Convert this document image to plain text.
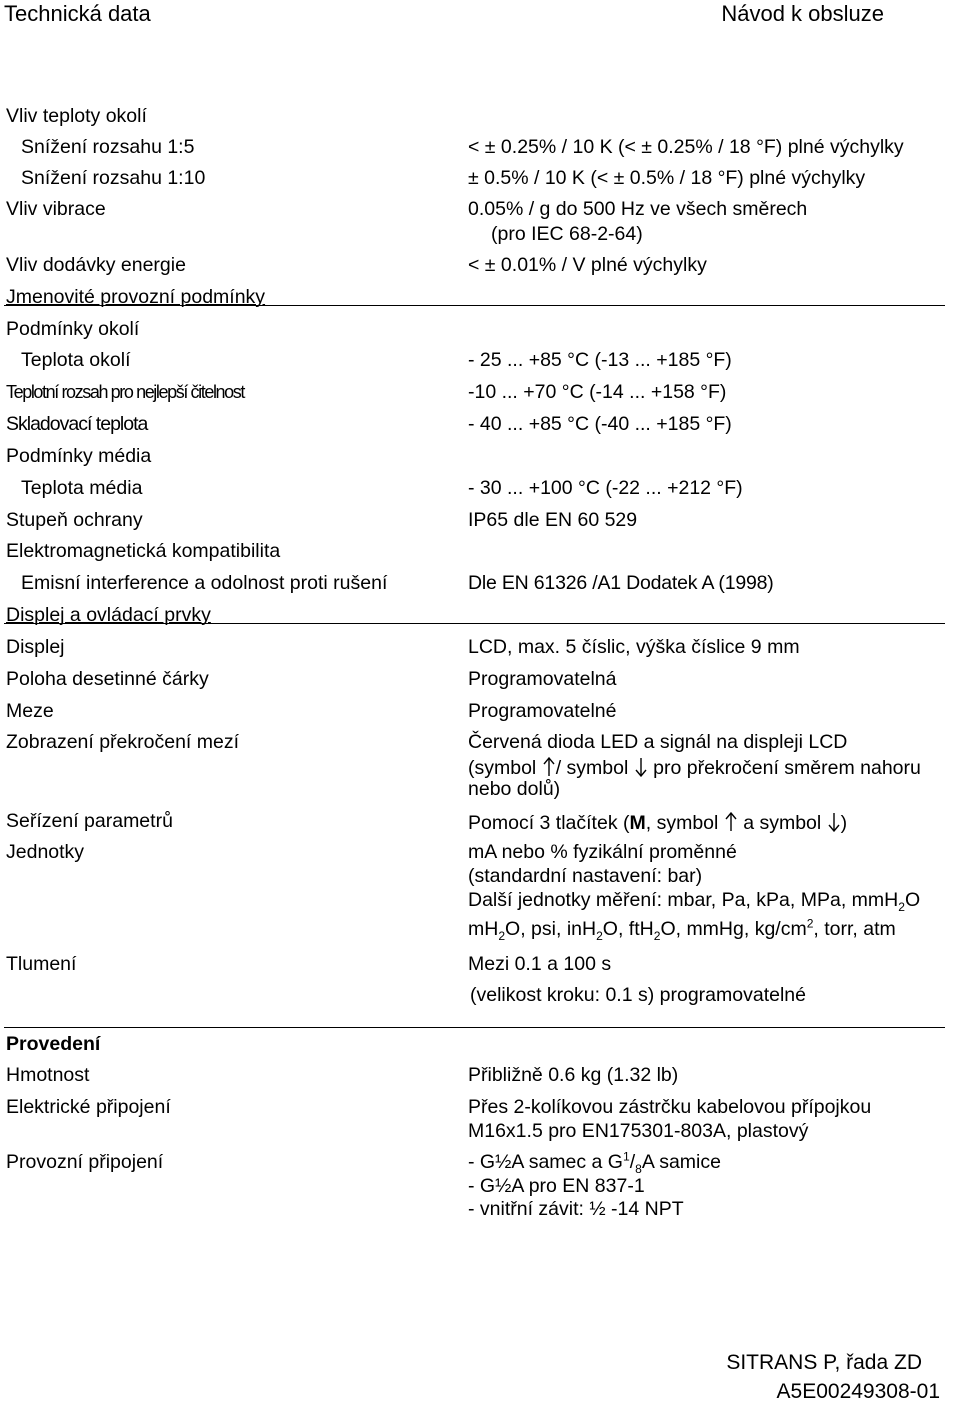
Technická data	Návod k obsluze
Vliv teploty okolí
Snížení rozsahu 1:5	< ± 0.25% / 10 K (< ± 0.25% / 18 °F) plné výchylky
Snížení rozsahu 1:10	± 0.5% / 10 K (< ± 0.5% / 18 °F) plné výchylky
Vliv vibrace	0.05% / g do 500 Hz ve všech směrech
(pro IEC 68-2-64)
Vliv dodávky energie	< ± 0.01% / V plné výchylky
Jmenovité provozní podmínky
Podmínky okolí
Teplota okolí	- 25 ... +85 °C (-13 ... +185 °F)
Teplotní rozsah pro nejlepší čitelnost	-10 ... +70 °C (-14 ... +158 °F)
Skladovací teplota	- 40 ... +85 °C (-40 ... +185 °F)
Podmínky média
Teplota média	- 30 ... +100 °C (-22 ... +212 °F)
Stupeň ochrany	IP65 dle EN 60 529
Elektromagnetická kompatibilita
Emisní interference a odolnost proti rušení	Dle EN 61326 /A1 Dodatek A (1998)
Displej a ovládací prvky
Displej	LCD, max. 5 číslic, výška číslice 9 mm
Poloha desetinné čárky	Programovatelná
Meze	Programovatelné
Zobrazení překročení mezí	Červená dioda LED a signál na displeji LCD
(symbol / symbol pro překročení směrem nahoru
nebo dolů)
Seřízení parametrů	Pomocí 3 tlačítek (M, symbol a symbol )
Jednotky	mA nebo % fyzikální proměnné
(standardní nastavení: bar)
Další jednotky měření: mbar, Pa, kPa, MPa, mmH$_2$O
$mH_2O$, psi, inH$_2$O, ftH$_2$O, mmHg, $kg/cm^2$, torr, atm
Tlumení	Mezi 0.1 a 100 s
(velikost kroku: 0.1 s) programovatelné
Provedení
Hmotnost	Přibližně 0.6 kg (1.32 lb)
Elektrické připojení	Přes 2-kolíkovou zástrčku kabelovou přípojkou
M16x1.5 pro EN175301-803A, plastový
Provozní připojení	- G½A samec a $G^1/_8A$ samice
- G½A pro EN 837-1
- vnitřní závit: ½ -14 NPT
SITRANS P, řada ZD
A5E00249308-01
